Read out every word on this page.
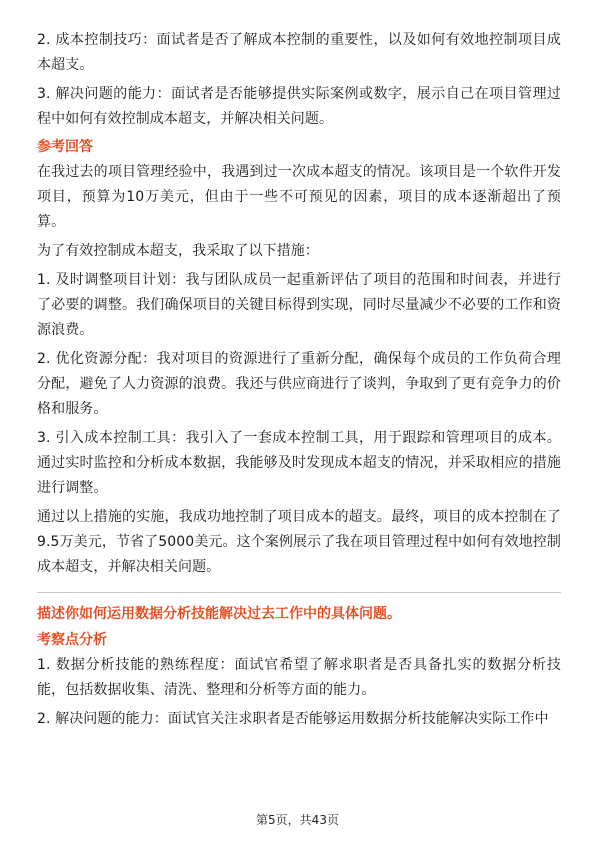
2. 成本控制技巧：面试者是否了解成本控制的重要性，以及如何有效地控制项目成本超支。

3. 解决问题的能力：面试者是否能够提供实际案例或数字，展示自己在项目管理过程中如何有效控制成本超支，并解决相关问题。

参考回答

在我过去的项目管理经验中，我遇到过一次成本超支的情况。该项目是一个软件开发项目，预算为10万美元，但由于一些不可预见的因素，项目的成本逐渐超出了预算。

为了有效控制成本超支，我采取了以下措施：

1. 及时调整项目计划：我与团队成员一起重新评估了项目的范围和时间表，并进行了必要的调整。我们确保项目的关键目标得到实现，同时尽量减少不必要的工作和资源浪费。

2. 优化资源分配：我对项目的资源进行了重新分配，确保每个成员的工作负荷合理分配，避免了人力资源的浪费。我还与供应商进行了谈判，争取到了更有竞争力的价格和服务。

3. 引入成本控制工具：我引入了一套成本控制工具，用于跟踪和管理项目的成本。通过实时监控和分析成本数据，我能够及时发现成本超支的情况，并采取相应的措施进行调整。

通过以上措施的实施，我成功地控制了项目成本的超支。最终，项目的成本控制在了9.5万美元，节省了5000美元。这个案例展示了我在项目管理过程中如何有效地控制成本超支，并解决相关问题。

描述你如何运用数据分析技能解决过去工作中的具体问题。
考察点分析

1. 数据分析技能的熟练程度：面试官希望了解求职者是否具备扎实的数据分析技能，包括数据收集、清洗、整理和分析等方面的能力。

2. 解决问题的能力：面试官关注求职者是否能够运用数据分析技能解决实际工作中

第5页，共43页
